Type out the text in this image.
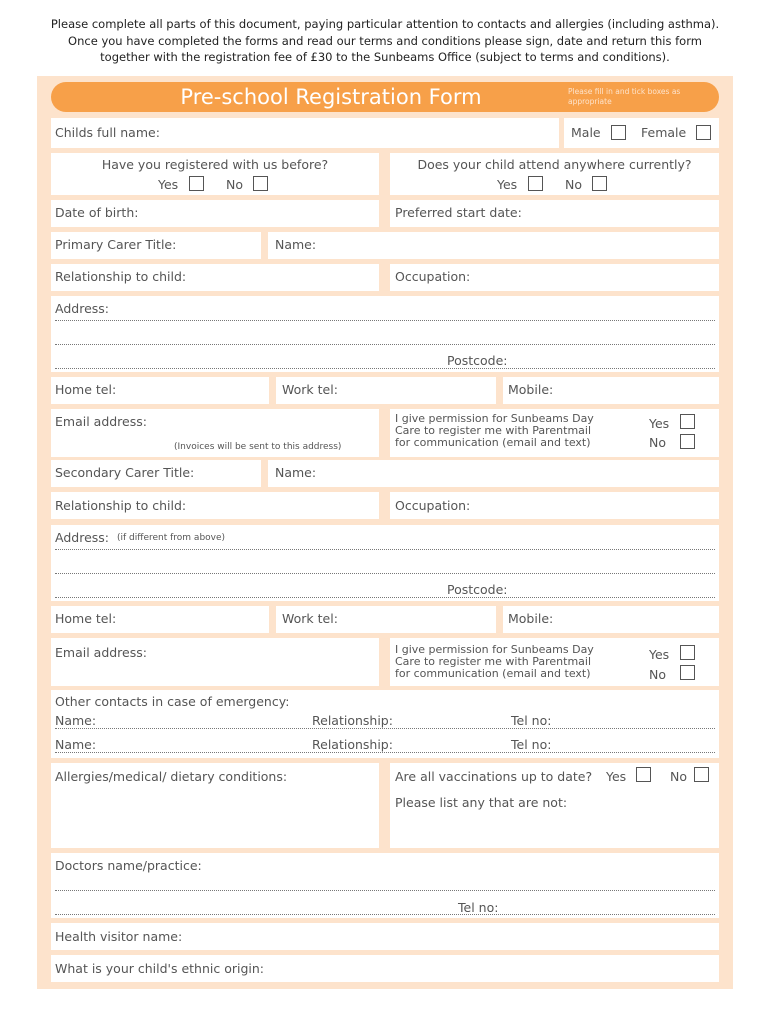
Please complete all parts of this document, paying particular attention to contacts and allergies (including asthma).
Once you have completed the forms and read our terms and conditions please sign, date and return this form
together with the registration fee of £30 to the Sunbeams Office (subject to terms and conditions).
Pre-school Registration Form	Please fill in and tick boxes as appropriate
Childs full name:	Male	Female
Have you registered with us before?
Yes	No
Does your child attend anywhere currently?
Yes	No
Date of birth:	Preferred start date:
Primary Carer Title:	Name:
Relationship to child:	Occupation:
Address:
Postcode:
Home tel:	Work tel:	Mobile:
Email address:
(Invoices will be sent to this address)
I give permission for Sunbeams Day
Care to register me with Parentmail
for communication (email and text)
Yes
No
Secondary Carer Title:	Name:
Relationship to child:	Occupation:
Address: (if different from above)
Postcode:
Home tel:	Work tel:	Mobile:
Email address:	I give permission for Sunbeams Day
Care to register me with Parentmail
for communication (email and text)
Yes
No
Other contacts in case of emergency:
Name:	Relationship:	Tel no:
Name:	Relationship:	Tel no:
Allergies/medical/ dietary conditions:	Are all vaccinations up to date? Yes	No
Please list any that are not:
Doctors name/practice:
Tel no:
Health visitor name:
What is your child's ethnic origin:
